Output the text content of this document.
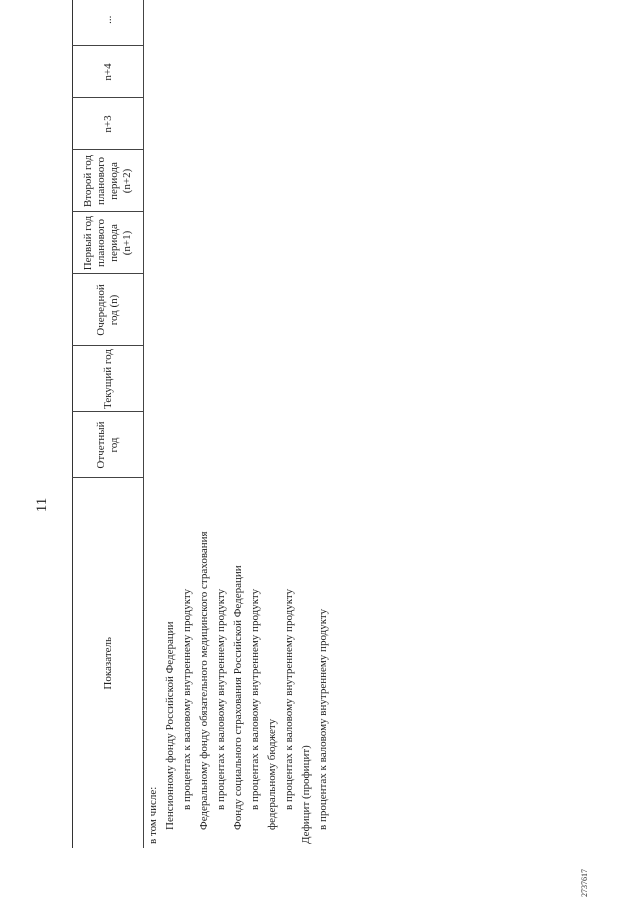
11
Показатель	Отчетный год	Текущий год	Очередной год (n)	Первый год планового периода (n+1)	Второй год планового периода (n+2)	n+3	n+4	...
в том числе: Пенсионному фонду Российской Федерации в процентах к валовому внутреннему продукту Федеральному фонду обязательного медицинского страхования в процентах к валовому внутреннему продукту Фонду социального страхования Российской Федерации в процентах к валовому внутреннему продукту федеральному бюджету в процентах к валовому внутреннему продукту Дефицит (профицит) в процентах к валовому внутреннему продукту
2737617
